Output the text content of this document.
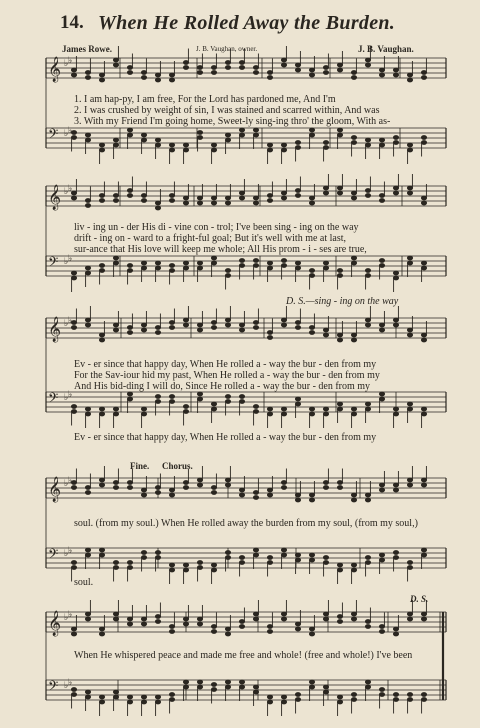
14. When He Rolled Away the Burden.
James Rowe.	J. B. Vaughan, owner.	J. B. Vaughan.
𝄞 ♭ ♭
𝄢 ♭ ♭
𝄞 ♭ ♭
𝄢 ♭ ♭
𝄞 ♭ ♭
𝄢 ♭ ♭
𝄞 ♭ ♭
𝄢 ♭ ♭
𝄞 ♭ ♭
𝄢 ♭ ♭
1. I am hap-py, I am free, For the Lord has pardoned me, And I'm
2. I was crushed by weight of sin, I was stained and scarred within, And was
3. With my Friend I'm going home, Sweet-ly sing-ing thro' the gloom, With as-
liv - ing un - der His di - vine con - trol; I've been sing - ing on the way
drift - ing on - ward to a fright-ful goal; But it's well with me at last,
sur-ance that His love will keep me whole; All His prom - i - ses are true,
D. S.—sing - ing on the way
Ev - er since that happy day, When He rolled a - way the bur - den from my
For the Sav-iour hid my past, When He rolled a - way the bur - den from my
And His bid-ding I will do, Since He rolled a - way the bur - den from my
Ev - er since that happy day, When He rolled a - way the bur - den from my
Fine. Chorus.
soul. (from my soul.) When He rolled away the burden from my soul, (from my soul,)
soul.
D. S.
When He whispered peace and made me free and whole! (free and whole!) I've been
